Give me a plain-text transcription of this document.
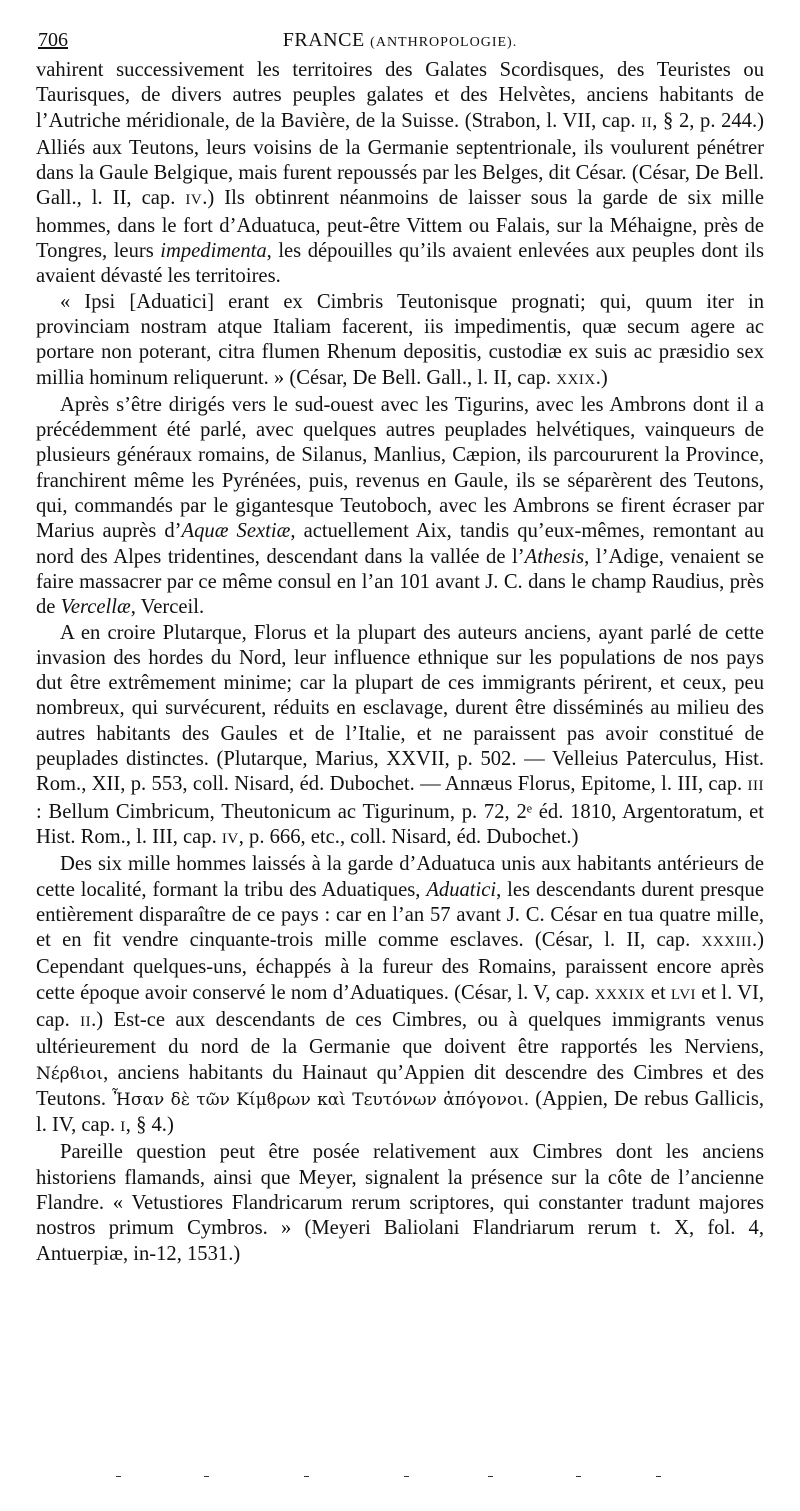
706	FRANCE (ANTHROPOLOGIE).

vahirent successivement les territoires des Galates Scordisques, des Teuristes ou Taurisques, de divers autres peuples galates et des Helvètes, anciens habitants de l’Autriche méridionale, de la Bavière, de la Suisse. (Strabon, l. VII, cap. II, § 2, p. 244.) Alliés aux Teutons, leurs voisins de la Germanie septentrionale, ils voulurent pénétrer dans la Gaule Belgique, mais furent repoussés par les Belges, dit César. (César, De Bell. Gall., l. II, cap. IV.) Ils obtinrent néanmoins de laisser sous la garde de six mille hommes, dans le fort d’Aduatuca, peut-être Vittem ou Falais, sur la Méhaigne, près de Tongres, leurs impedimenta, les dépouilles qu’ils avaient enlevées aux peuples dont ils avaient dévasté les territoires.

« Ipsi [Aduatici] erant ex Cimbris Teutonisque prognati; qui, quum iter in provinciam nostram atque Italiam facerent, iis impedimentis, quæ secum agere ac portare non poterant, citra flumen Rhenum depositis, custodiæ ex suis ac præsidio sex millia hominum reliquerunt. » (César, De Bell. Gall., l. II, cap. XXIX.)

Après s’être dirigés vers le sud-ouest avec les Tigurins, avec les Ambrons dont il a précédemment été parlé, avec quelques autres peuplades helvétiques, vainqueurs de plusieurs généraux romains, de Silanus, Manlius, Cæpion, ils parcoururent la Province, franchirent même les Pyrénées, puis, revenus en Gaule, ils se séparèrent des Teutons, qui, commandés par le gigantesque Teutoboch, avec les Ambrons se firent écraser par Marius auprès d’Aquæ Sextiæ, actuellement Aix, tandis qu’eux-mêmes, remontant au nord des Alpes tridentines, descendant dans la vallée de l’Athesis, l’Adige, venaient se faire massacrer par ce même consul en l’an 101 avant J. C. dans le champ Raudius, près de Vercellæ, Verceil.

A en croire Plutarque, Florus et la plupart des auteurs anciens, ayant parlé de cette invasion des hordes du Nord, leur influence ethnique sur les populations de nos pays dut être extrêmement minime; car la plupart de ces immigrants périrent, et ceux, peu nombreux, qui survécurent, réduits en esclavage, durent être disséminés au milieu des autres habitants des Gaules et de l’Italie, et ne paraissent pas avoir constitué de peuplades distinctes. (Plutarque, Marius, XXVII, p. 502. — Velleius Paterculus, Hist. Rom., XII, p. 553, coll. Nisard, éd. Dubochet. — Annæus Florus, Epitome, l. III, cap. III : Bellum Cimbricum, Theutonicum ac Tigurinum, p. 72, 2ᵉ éd. 1810, Argentoratum, et Hist. Rom., l. III, cap. IV, p. 666, etc., coll. Nisard, éd. Dubochet.)

Des six mille hommes laissés à la garde d’Aduatuca unis aux habitants antérieurs de cette localité, formant la tribu des Aduatiques, Aduatici, les descendants durent presque entièrement disparaître de ce pays : car en l’an 57 avant J. C. César en tua quatre mille, et en fit vendre cinquante-trois mille comme esclaves. (César, l. II, cap. XXXIII.) Cependant quelques-uns, échappés à la fureur des Romains, paraissent encore après cette époque avoir conservé le nom d’Aduatiques. (César, l. V, cap. XXXIX et LVI et l. VI, cap. II.) Est-ce aux descendants de ces Cimbres, ou à quelques immigrants venus ultérieurement du nord de la Germanie que doivent être rapportés les Nerviens, Νέρϐιοι, anciens habitants du Hainaut qu’Appien dit descendre des Cimbres et des Teutons. Ἦσαν δὲ τῶν Κίμϐρων καὶ Τευτόνων ἀπόγονοι. (Appien, De rebus Gallicis, l. IV, cap. I, § 4.)

Pareille question peut être posée relativement aux Cimbres dont les anciens historiens flamands, ainsi que Meyer, signalent la présence sur la côte de l’ancienne Flandre. « Vetustiores Flandricarum rerum scriptores, qui constanter tradunt majores nostros primum Cymbros. » (Meyeri Baliolani Flandriarum rerum t. X, fol. 4, Antuerpiæ, in-12, 1531.)
